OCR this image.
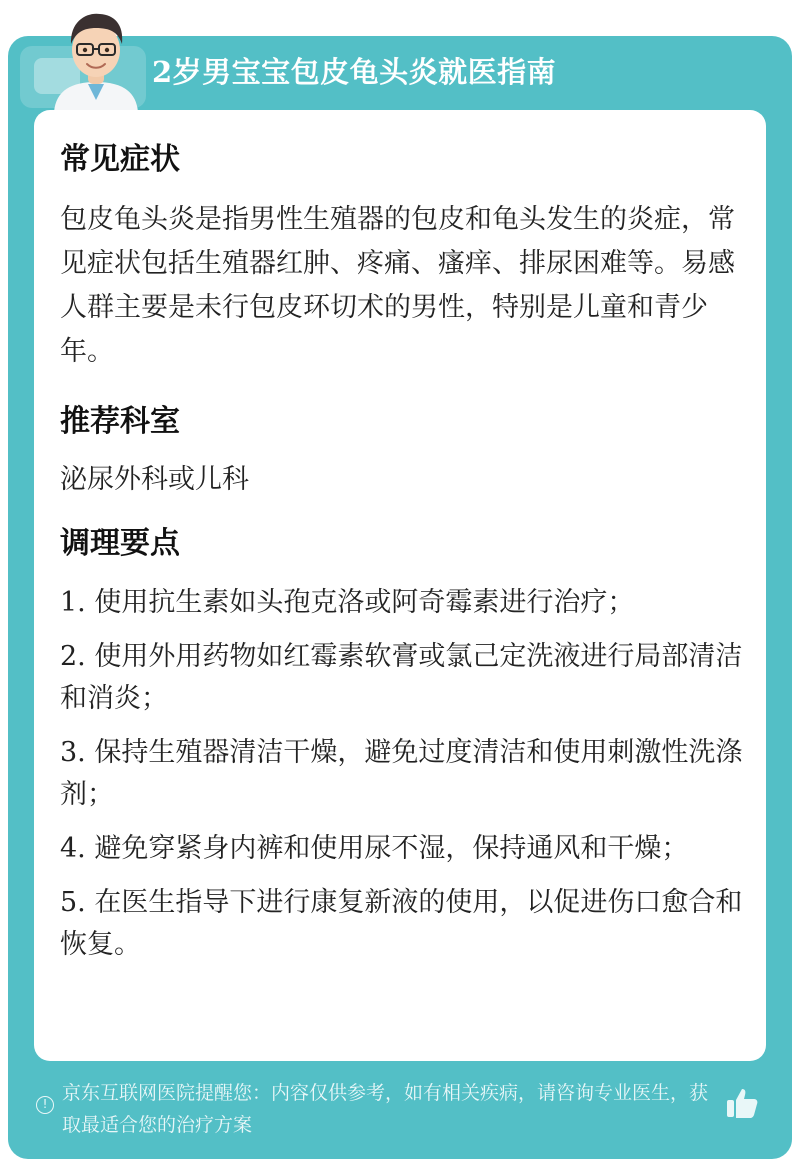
2岁男宝宝包皮龟头炎就医指南
常见症状
包皮龟头炎是指男性生殖器的包皮和龟头发生的炎症，常见症状包括生殖器红肿、疼痛、瘙痒、排尿困难等。易感人群主要是未行包皮环切术的男性，特别是儿童和青少年。
推荐科室
泌尿外科或儿科
调理要点
1. 使用抗生素如头孢克洛或阿奇霉素进行治疗；
2. 使用外用药物如红霉素软膏或氯己定洗液进行局部清洁和消炎；
3. 保持生殖器清洁干燥，避免过度清洁和使用刺激性洗涤剂；
4. 避免穿紧身内裤和使用尿不湿，保持通风和干燥；
5. 在医生指导下进行康复新液的使用，以促进伤口愈合和恢复。
! 京东互联网医院提醒您：内容仅供参考，如有相关疾病，请咨询专业医生，获取最适合您的治疗方案
